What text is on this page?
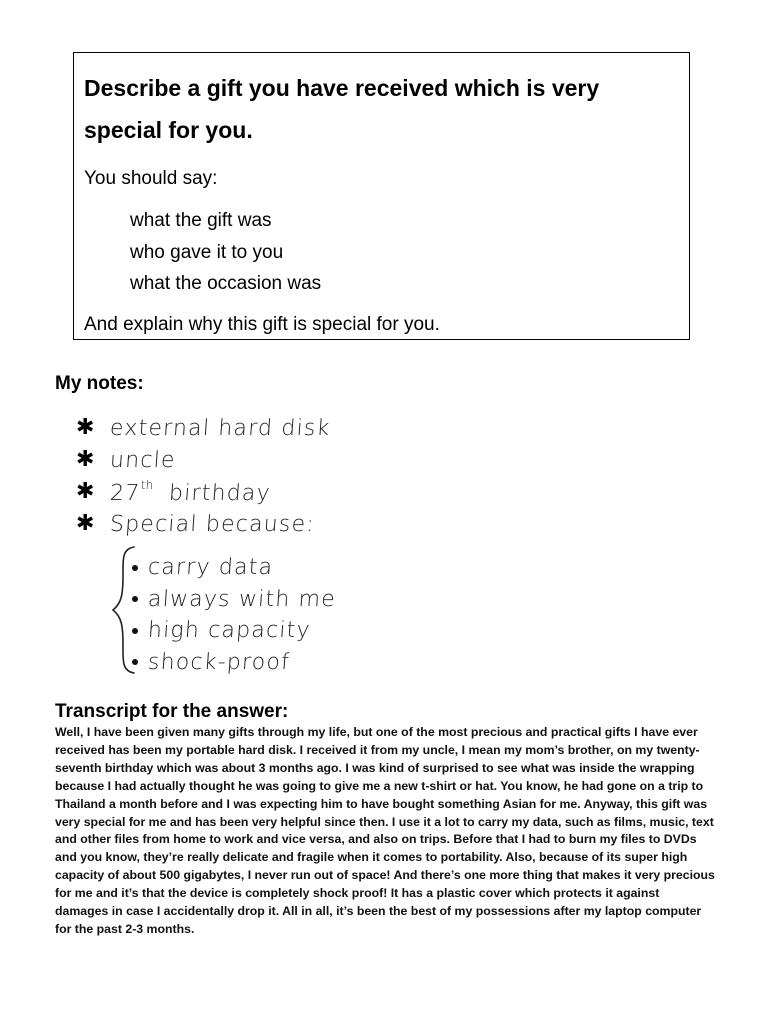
Describe a gift you have received which is very special for you.
You should say:
what the gift was
who gave it to you
what the occasion was
And explain why this gift is special for you.
My notes:
✱ external hard disk
✱ uncle
✱ 27th birthday
✱ Special because:
carry data
always with me
high capacity
shock-proof
Transcript for the answer:

Well, I have been given many gifts through my life, but one of the most precious and practical gifts I have ever received has been my portable hard disk. I received it from my uncle, I mean my mom’s brother, on my twenty-seventh birthday which was about 3 months ago. I was kind of surprised to see what was inside the wrapping because I had actually thought he was going to give me a new t-shirt or hat. You know, he had gone on a trip to Thailand a month before and I was expecting him to have bought something Asian for me. Anyway, this gift was very special for me and has been very helpful since then. I use it a lot to carry my data, such as films, music, text and other files from home to work and vice versa, and also on trips. Before that I had to burn my files to DVDs and you know, they’re really delicate and fragile when it comes to portability. Also, because of its super high capacity of about 500 gigabytes, I never run out of space! And there’s one more thing that makes it very precious for me and it’s that the device is completely shock proof! It has a plastic cover which protects it against damages in case I accidentally drop it. All in all, it’s been the best of my possessions after my laptop computer for the past 2-3 months.
